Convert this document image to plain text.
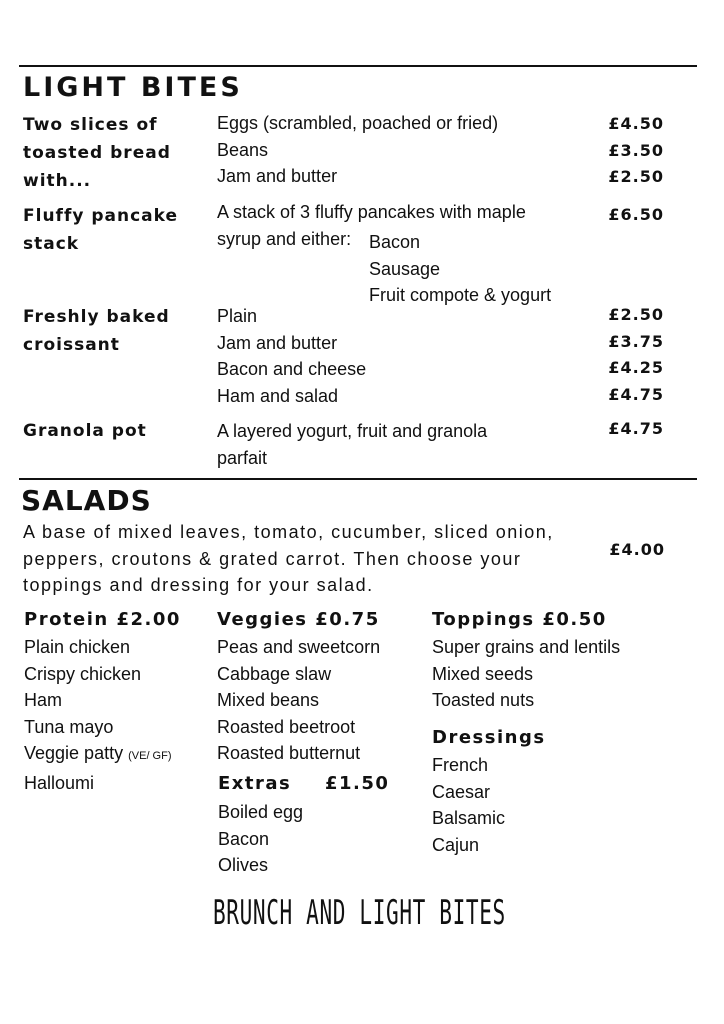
LIGHT BITES
Two slices of toasted bread with...
Eggs (scrambled, poached or fried)
Beans
Jam and butter
£4.50
£3.50
£2.50
Fluffy pancake stack
A stack of 3 fluffy pancakes with maple
syrup and either: Bacon
Sausage
Fruit compote & yogurt
£6.50
Freshly baked croissant
Plain
Jam and butter
Bacon and cheese
Ham and salad
£2.50
£3.75
£4.25
£4.75
Granola pot	A layered yogurt, fruit and granola
parfait
£4.75
SALADS
A base of mixed leaves, tomato, cucumber, sliced onion,
peppers, croutons & grated carrot. Then choose your
toppings and dressing for your salad.
£4.00
Protein £2.00
Plain chicken
Crispy chicken
Ham
Tuna mayo
Veggie patty (VE/ GF)
Halloumi
Veggies £0.75
Peas and sweetcorn
Cabbage slaw
Mixed beans
Roasted beetroot
Roasted butternut
Extras £1.50
Boiled egg
Bacon
Olives
Toppings £0.50
Super grains and lentils
Mixed seeds
Toasted nuts
Dressings
French
Caesar
Balsamic
Cajun
BRUNCH AND LIGHT BITES
